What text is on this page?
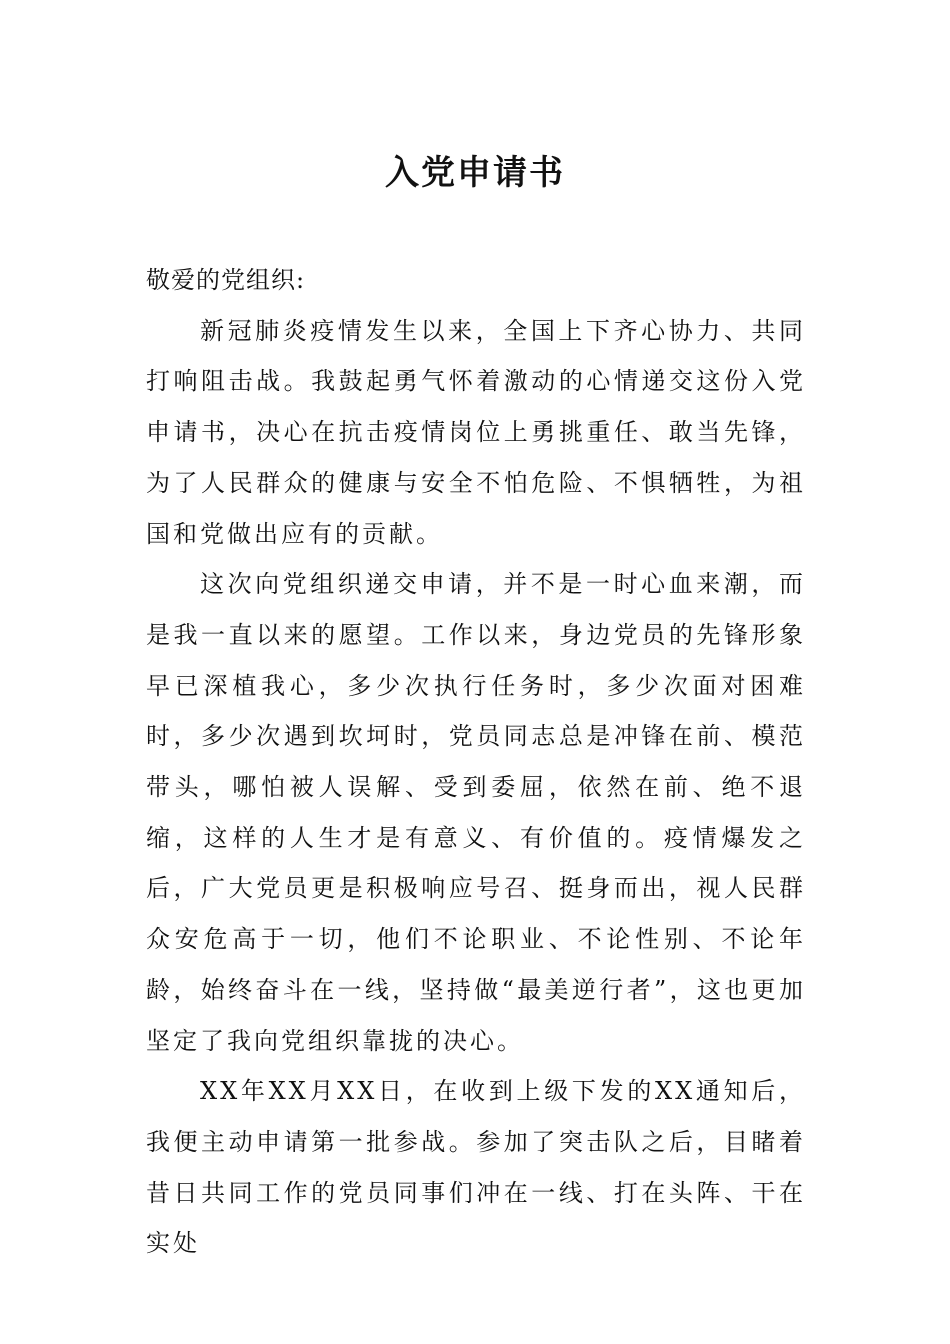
入党申请书

敬爱的党组织:

新冠肺炎疫情发生以来，全国上下齐心协力、共同打响阻击战。我鼓起勇气怀着激动的心情递交这份入党申请书，决心在抗击疫情岗位上勇挑重任、敢当先锋，为了人民群众的健康与安全不怕危险、不惧牺牲，为祖国和党做出应有的贡献。

这次向党组织递交申请，并不是一时心血来潮，而是我一直以来的愿望。工作以来，身边党员的先锋形象早已深植我心，多少次执行任务时，多少次面对困难时，多少次遇到坎坷时，党员同志总是冲锋在前、模范带头，哪怕被人误解、受到委屈，依然在前、绝不退缩，这样的人生才是有意义、有价值的。疫情爆发之后，广大党员更是积极响应号召、挺身而出，视人民群众安危高于一切，他们不论职业、不论性别、不论年龄，始终奋斗在一线，坚持做“最美逆行者”，这也更加坚定了我向党组织靠拢的决心。

XX年XX月XX日，在收到上级下发的XX通知后，我便主动申请第一批参战。参加了突击队之后，目睹着昔日共同工作的党员同事们冲在一线、打在头阵、干在实处
